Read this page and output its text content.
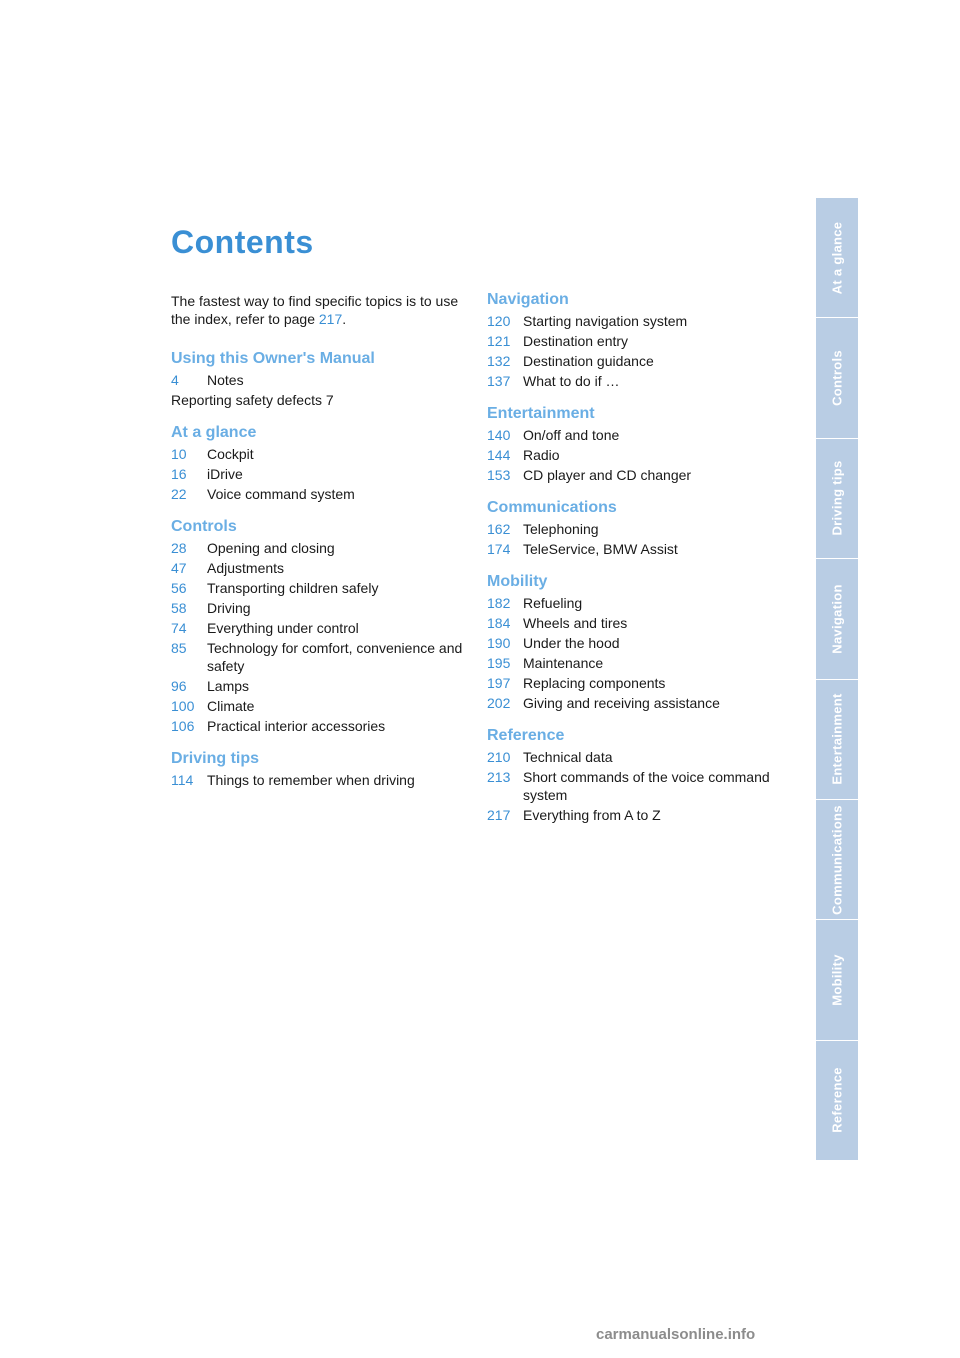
Contents

The fastest way to find specific topics is to use the index, refer to page 217.

Using this Owner's Manual
4	Notes
Reporting safety defects 7
At a glance
10	Cockpit
16	iDrive
22	Voice command system
Controls
28	Opening and closing
47	Adjustments
56	Transporting children safely
58	Driving
74	Everything under control
85	Technology for comfort, convenience and safety
96	Lamps
100 Climate
106 Practical interior accessories
Driving tips
114 Things to remember when driving
Navigation
120 Starting navigation system
121 Destination entry
132 Destination guidance
137 What to do if …
Entertainment
140 On/off and tone
144 Radio
153 CD player and CD changer
Communications
162 Telephoning
174 TeleService, BMW Assist
Mobility
182 Refueling
184 Wheels and tires
190 Under the hood
195 Maintenance
197 Replacing components
202 Giving and receiving assistance
Reference
210 Technical data
213 Short commands of the voice command system
217 Everything from A to Z
At a glance
Controls
Driving tips
Navigation
Entertainment
Communications
Mobility
Reference
carmanualsonline.info
